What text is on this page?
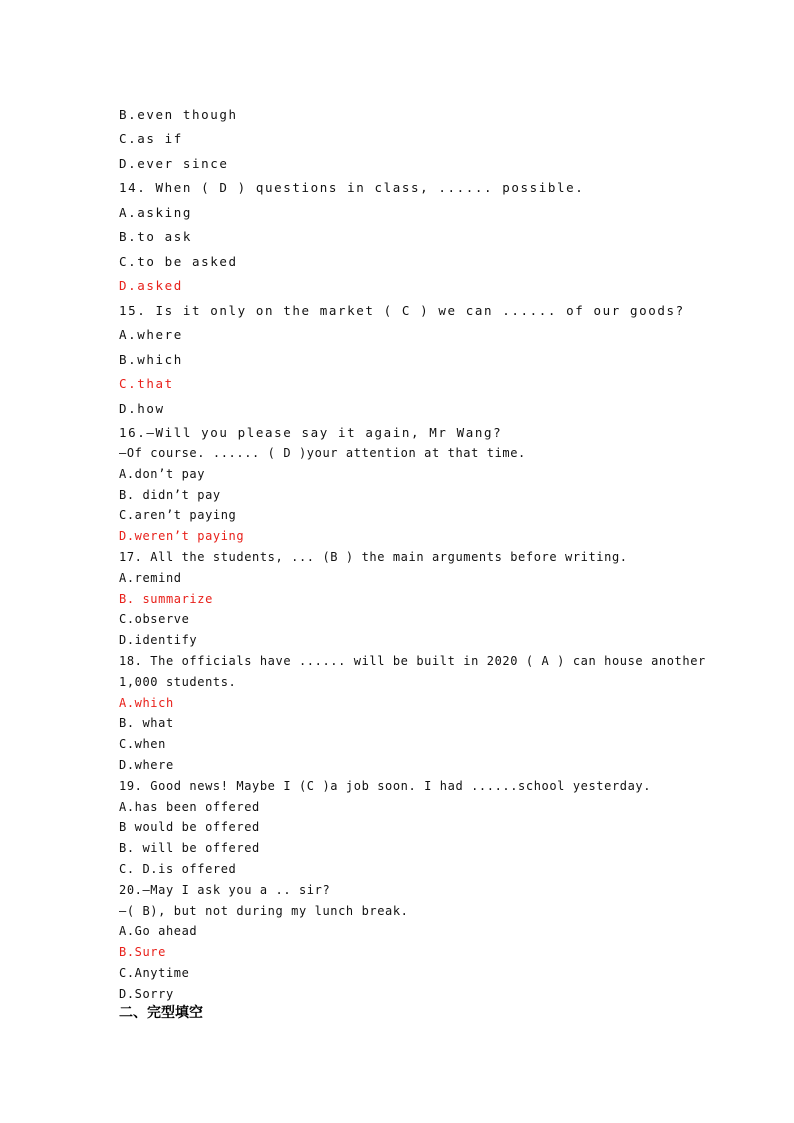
B.even though
C.as if
D.ever since
14. When ( D ) questions in class, ...... possible.
A.asking
B.to ask
C.to be asked
D.asked
15. Is it only on the market ( C ) we can ...... of our goods?
A.where
B.which
C.that
D.how
16.—Will you please say it again, Mr Wang?
—Of course. ...... ( D )your attention at that time.
A.don’t pay
B. didn’t pay
C.aren’t paying
D.weren’t paying
17. All the students, ... (B ) the main arguments before writing.
A.remind
B. summarize
C.observe
D.identify
18. The officials have ...... will be built in 2020 ( A ) can house another
1,000 students.
A.which
B. what
C.when
D.where
19. Good news! Maybe I (C )a job soon. I had ......school yesterday.
A.has been offered
B would be offered
B. will be offered
C. D.is offered
20.—May I ask you a .. sir?
—( B), but not during my lunch break.
A.Go ahead
B.Sure
C.Anytime
D.Sorry
二、完型填空
